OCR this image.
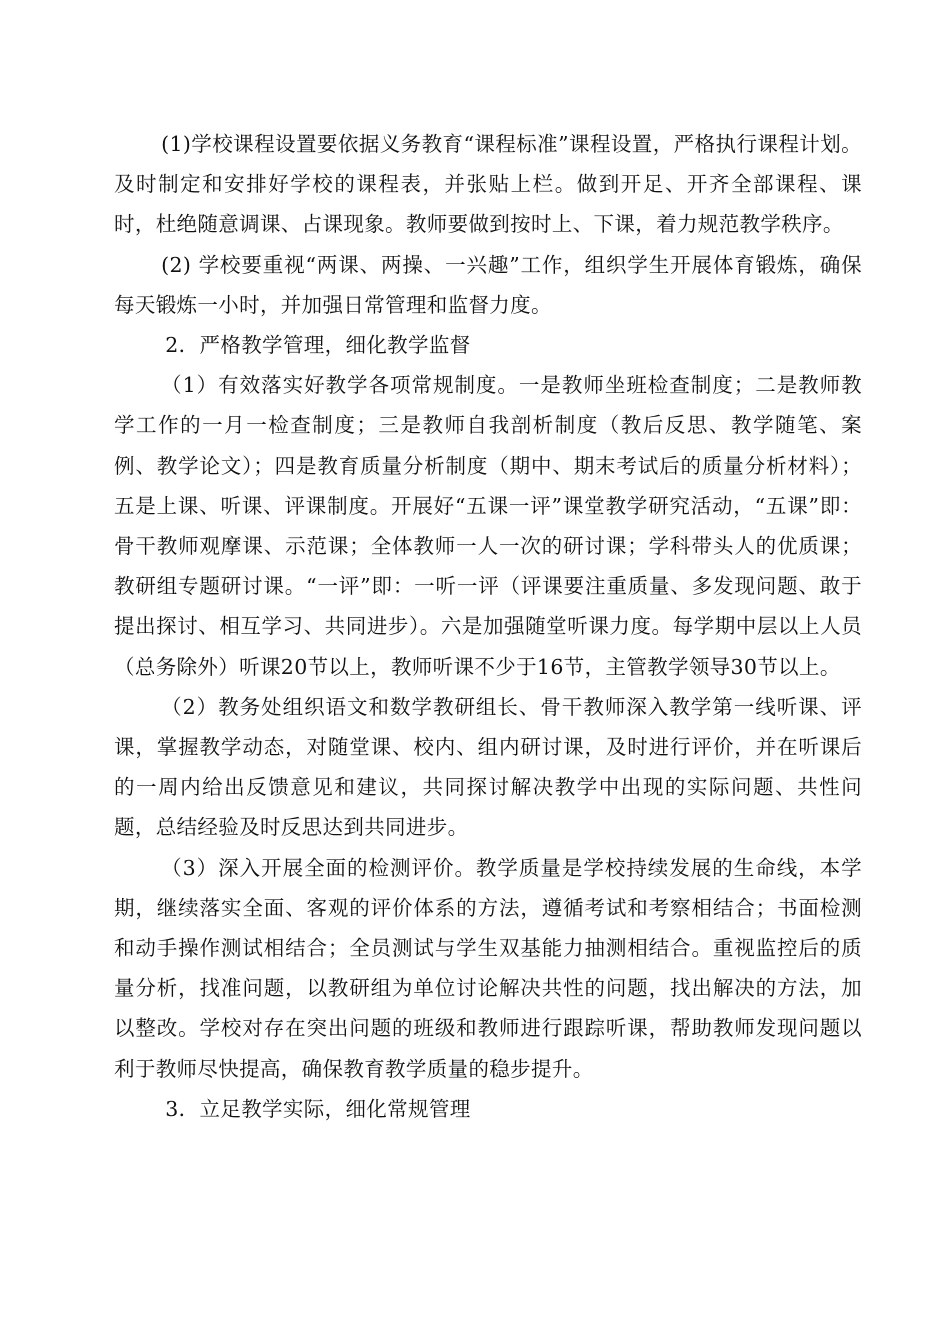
(1)学校课程设置要依据义务教育“课程标准”课程设置，严格执行课程计划。及时制定和安排好学校的课程表，并张贴上栏。做到开足、开齐全部课程、课时，杜绝随意调课、占课现象。教师要做到按时上、下课，着力规范教学秩序。

(2) 学校要重视“两课、两操、一兴趣”工作，组织学生开展体育锻炼，确保每天锻炼一小时，并加强日常管理和监督力度。

2．严格教学管理，细化教学监督

（1）有效落实好教学各项常规制度。一是教师坐班检查制度；二是教师教学工作的一月一检查制度；三是教师自我剖析制度（教后反思、教学随笔、案例、教学论文）；四是教育质量分析制度（期中、期末考试后的质量分析材料）；五是上课、听课、评课制度。开展好“五课一评”课堂教学研究活动，“五课”即：骨干教师观摩课、示范课；全体教师一人一次的研讨课；学科带头人的优质课；教研组专题研讨课。“一评”即：一听一评（评课要注重质量、多发现问题、敢于提出探讨、相互学习、共同进步）。六是加强随堂听课力度。每学期中层以上人员（总务除外）听课20节以上，教师听课不少于16节，主管教学领导30节以上。

（2）教务处组织语文和数学教研组长、骨干教师深入教学第一线听课、评课，掌握教学动态，对随堂课、校内、组内研讨课，及时进行评价，并在听课后的一周内给出反馈意见和建议，共同探讨解决教学中出现的实际问题、共性问题，总结经验及时反思达到共同进步。

（3）深入开展全面的检测评价。教学质量是学校持续发展的生命线，本学期，继续落实全面、客观的评价体系的方法，遵循考试和考察相结合；书面检测和动手操作测试相结合；全员测试与学生双基能力抽测相结合。重视监控后的质量分析，找准问题，以教研组为单位讨论解决共性的问题，找出解决的方法，加以整改。学校对存在突出问题的班级和教师进行跟踪听课，帮助教师发现问题以利于教师尽快提高，确保教育教学质量的稳步提升。

3．立足教学实际，细化常规管理
